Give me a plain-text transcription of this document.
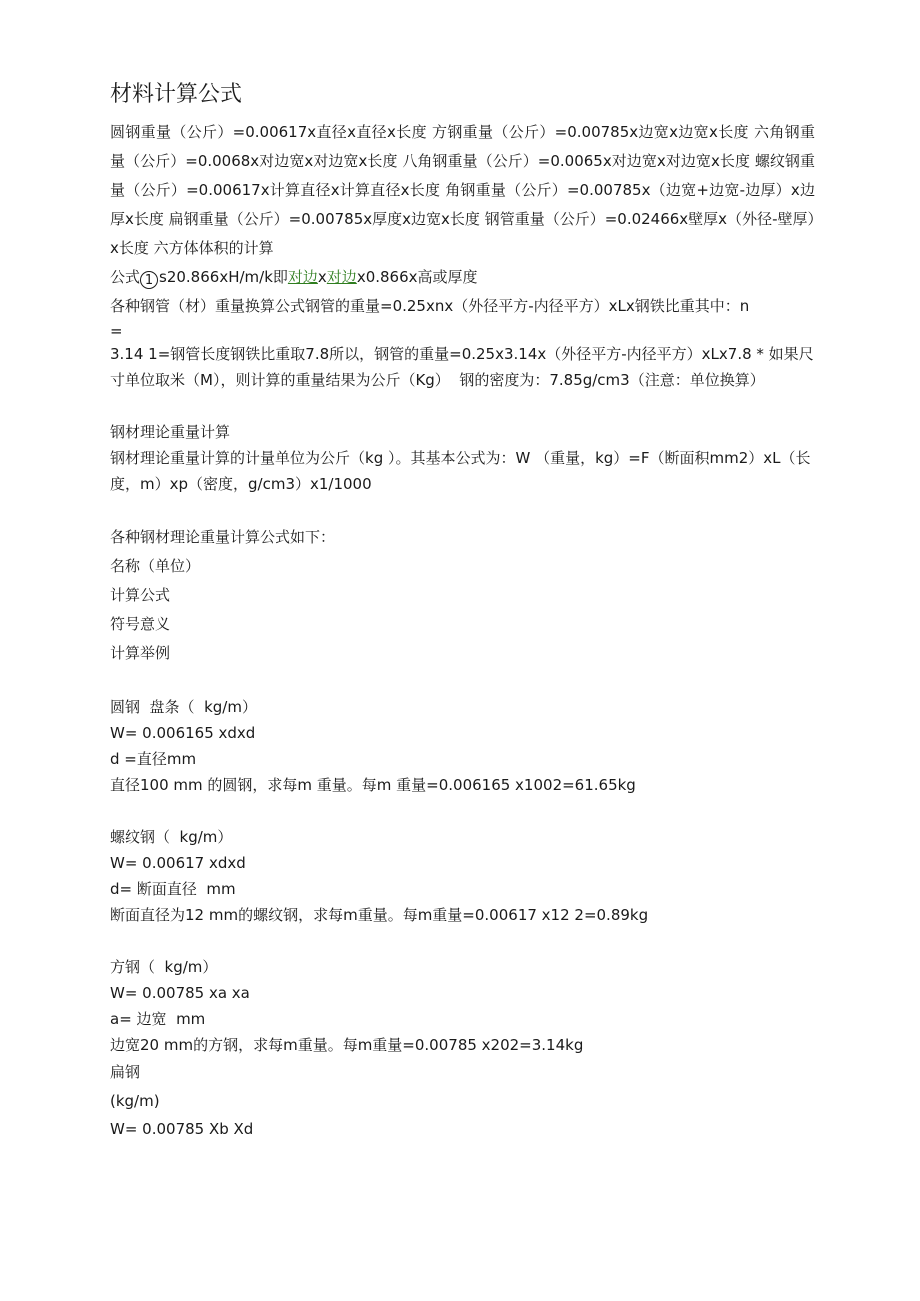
材料计算公式

圆钢重量（公斤）=0.00617x直径x直径x长度 方钢重量（公斤）=0.00785x边宽x边宽x长度 六角钢重量（公斤）=0.0068x对边宽x对边宽x长度 八角钢重量（公斤）=0.0065x对边宽x对边宽x长度 螺纹钢重量（公斤）=0.00617x计算直径x计算直径x长度 角钢重量（公斤）=0.00785x（边宽+边宽-边厚）x边厚x长度 扁钢重量（公斤）=0.00785x厚度x边宽x长度 钢管重量（公斤）=0.02466x壁厚x（外径-壁厚）x长度 六方体体积的计算

公式 1 s20.866xH/m/k即对边x对边x0.866x高或厚度

各种钢管（材）重量换算公式钢管的重量=0.25xnx（外径平方-内径平方）xLx钢铁比重其中：n

=

3.14 1=钢管长度钢铁比重取7.8所以，钢管的重量=0.25x3.14x（外径平方-内径平方）xLx7.8 * 如果尺寸单位取米（M），则计算的重量结果为公斤（Kg）  钢的密度为：7.85g/cm3（注意：单位换算）

钢材理论重量计算

钢材理论重量计算的计量单位为公斤（kg ）。其基本公式为：W （重量，kg）=F（断面积mm2）xL（长度，m）xp（密度，g/cm3）x1/1000

各种钢材理论重量计算公式如下：

名称（单位）

计算公式

符号意义

计算举例

圆钢  盘条（  kg/m）

W= 0.006165 xdxd

d =直径mm

直径100 mm 的圆钢，求每m 重量。每m 重量=0.006165 x1002=61.65kg

螺纹钢（  kg/m）

W= 0.00617 xdxd

d= 断面直径  mm

断面直径为12 mm的螺纹钢，求每m重量。每m重量=0.00617 x12 2=0.89kg

方钢（  kg/m）

W= 0.00785 xa xa

a= 边宽  mm

边宽20 mm的方钢，求每m重量。每m重量=0.00785 x202=3.14kg

扁钢

(kg/m)

W= 0.00785 Xb Xd
